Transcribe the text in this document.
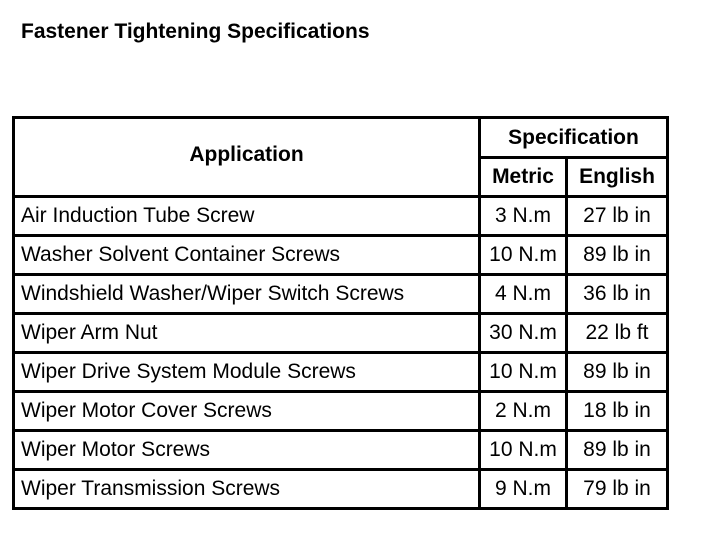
Fastener Tightening Specifications
Application	Specification	
	Metric	English
Air Induction Tube Screw	3 N.m	27 lb in
Washer Solvent Container Screws	10 N.m	89 lb in
Windshield Washer/Wiper Switch Screws	4 N.m	36 lb in
Wiper Arm Nut	30 N.m	22 lb ft
Wiper Drive System Module Screws	10 N.m	89 lb in
Wiper Motor Cover Screws	2 N.m	18 lb in
Wiper Motor Screws	10 N.m	89 lb in
Wiper Transmission Screws	9 N.m	79 lb in
